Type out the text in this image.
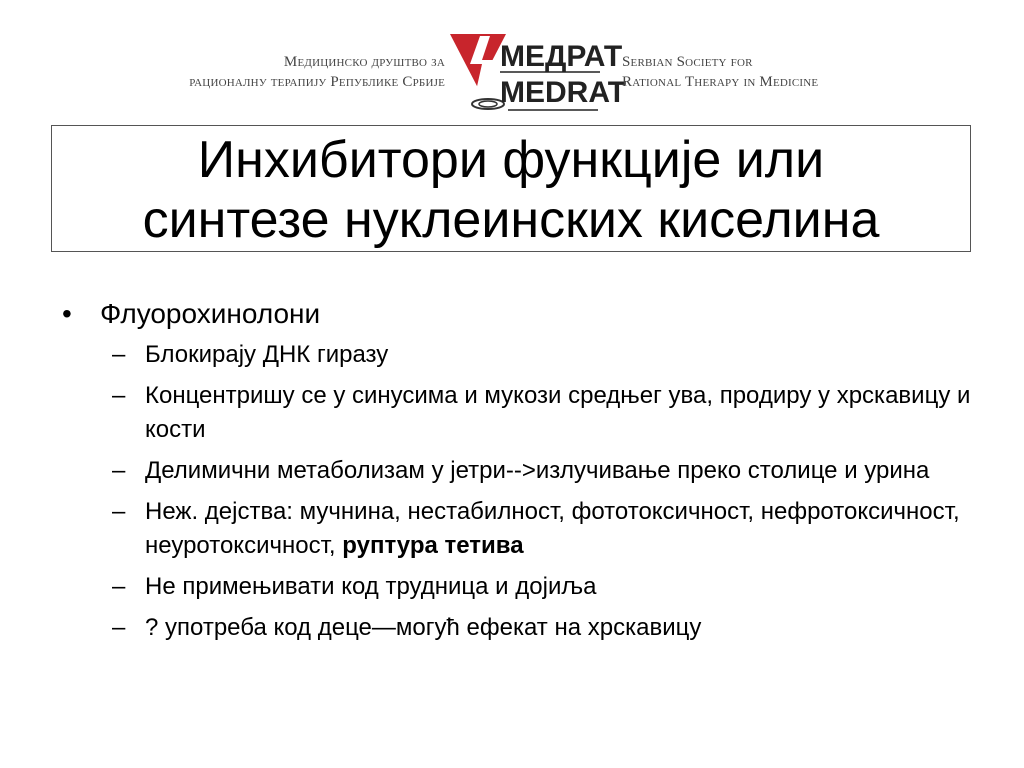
Медицинско друштво за
рационалну терапију Републике Србије
МЕДРАТ
MEDRAT
Serbian Society for
Rational Therapy in Medicine
Инхибитори функције или
синтезе нуклеинских киселина
• Флуорохинолони
– Блокирају ДНК гиразу
– Концентришу се у синусима и мукози средњег ува, продиру у хрскавицу и кости
– Делимични метаболизам у јетри-->излучивање преко столице и урина
– Неж. дејства: мучнина, нестабилност, фототоксичност, нефротоксичност, неуротоксичност, руптура тетива
– Не примењивати код трудница и дојиља
– ? употреба код деце—могућ ефекат на хрскавицу
